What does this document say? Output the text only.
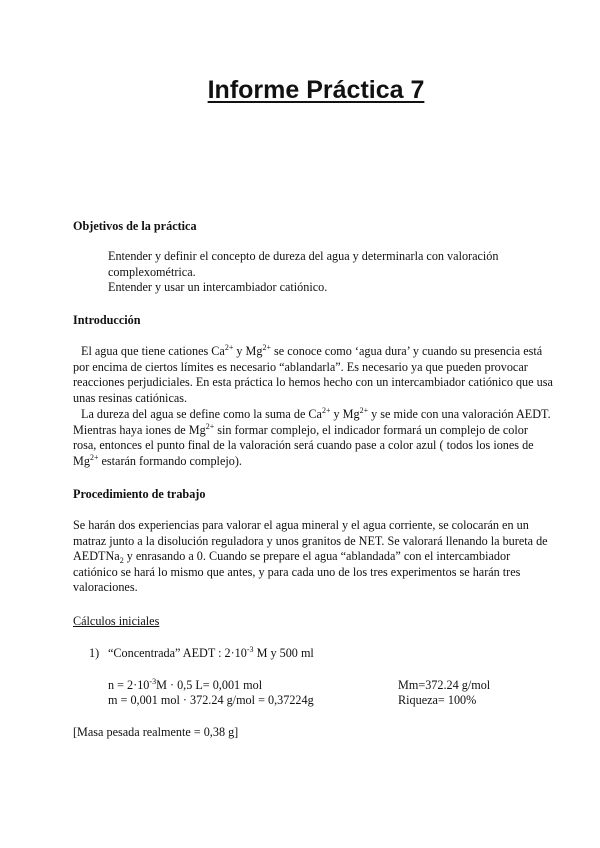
Informe Práctica 7
Objetivos de la práctica

Entender y definir el concepto de dureza del agua y determinarla con valoración complexométrica.

Entender y usar un intercambiador catiónico.

Introducción

El agua que tiene cationes $Ca^{2+}$ y $Mg^{2+}$ se conoce como ‘agua dura’ y cuando su presencia está por encima de ciertos límites es necesario “ablandarla”. Es necesario ya que pueden provocar reacciones perjudiciales. En esta práctica lo hemos hecho con un intercambiador catiónico que usa unas resinas catiónicas.

La dureza del agua se define como la suma de $Ca^{2+}$ y $Mg^{2+}$ y se mide con una valoración AEDT. Mientras haya iones de $Mg^{2+}$ sin formar complejo, el indicador formará un complejo de color rosa, entonces el punto final de la valoración será cuando pase a color azul ( todos los iones de $Mg^{2+}$ estarán formando complejo).

Procedimiento de trabajo

Se harán dos experiencias para valorar el agua mineral y el agua corriente, se colocarán en un matraz junto a la disolución reguladora y unos granitos de NET. Se valorará llenando la bureta de AEDTNa$_2$ y enrasando a 0. Cuando se prepare el agua “ablandada” con el intercambiador catiónico se hará lo mismo que antes, y para cada uno de los tres experimentos se harán tres valoraciones.

Cálculos iniciales
1) “Concentrada” AEDT : $2\cdot 10^{-3}$ M y 500 ml
$n = 2\cdot 10^{-3}M \cdot 0,5$ L= 0,001 mol
m = 0,001 mol · 372.24 g/mol = 0,37224g
Mm=372.24 g/mol
Riqueza= 100%
[Masa pesada realmente = 0,38 g]
